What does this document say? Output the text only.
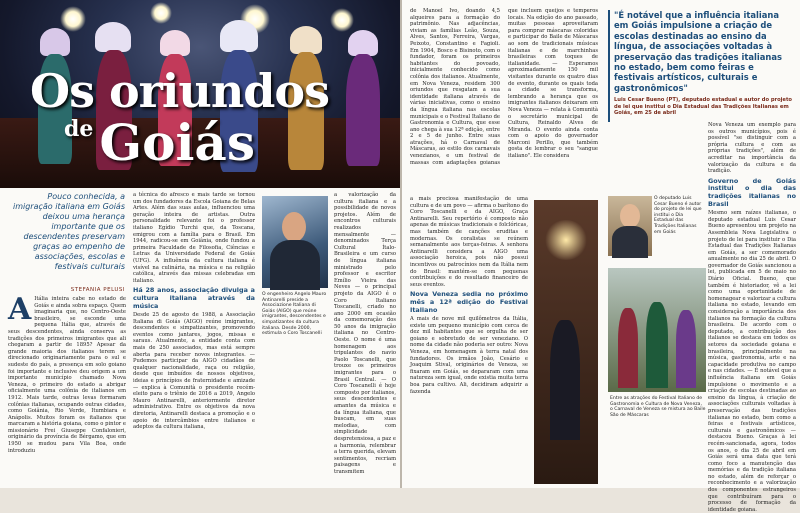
Os oriundos
$^{de}$ Goiás
Pouco conhecida, a imigração italiana em Goiás deixou uma herança importante que os descendentes preservam graças ao empenho de associações, escolas e festivais culturais
STEFANIA PELUSI

A Itália inteira cabe no estado de Goiás e ainda sobra espaço. Quem imaginaria que, no Centro-Oeste brasileiro, se esconde uma pequena Itália que, através de seus descendentes, ainda conserva as tradições dos primeiros imigrantes que ali chegaram a partir de 1895? Apesar da grande maioria dos italianos terem se direcionado originariamente para o sul e sudeste do país, a presença em solo goiano foi importante e inclusive deu origem a um importante município chamado Nova Veneza, o primeiro do estado a abrigar oficialmente uma colônia de italianos em 1912. Mais tarde, outras levas formaram colônias italianas, ocupando outras cidades, como Goiânia, Rio Verde, Itumbiara e Anápolis. Muitos foram os italianos que marcaram a história goiana, como o pintor e missionário Frei Giuseppe Confalonieri, originário da província de Bérgamo, que em 1950 se mudou para Vila Boa, onde introduziu

a técnica do afresco e mais tarde se tornou um dos fundadores da Escola Goiana de Belas Artes. Além das suas aulas, influenciou uma geração inteira de artistas. Outra personalidade relevante foi o professor italiano Egídio Turchi que, da Toscana, emigrou com a família para o Brasil. Em 1944, radicou-se em Goiânia, onde fundou a primeira Faculdade de Filosofia, Ciências e Letras da Universidade Federal de Goiás (UFG). A influência da cultura italiana é visível na culinária, na música e na religião católica, através das missas celebradas em italiano.

Há 28 anos, associação divulga a cultura italiana através da música

Desde 25 de agosto de 1988, a Associação Italiana di Goiás (AIGO) reúne imigrantes, descendentes e simpatizantes, promovendo eventos como jantares, jogos, missas e saraus. Atualmente, a entidade conta com mais de 250 associados, mas está sempre aberta para receber novos integrantes. — Pudemos participar da AIGO cidadãos de qualquer nacionalidade, raça ou religião, desde que imbuídos de nossos objetivos, ideias e princípios de fraternidade e amizade — explica à Comunità o presidente recém-eleito para o triênio de 2016 a 2019, Angelo Mauro Antinarelli, anteriormente diretor administrativo. Entre os objetivos da nova diretoria, Antinarelli destaca a promoção e o apoio de intercâmbios entre italianos e adeptos da cultura italiana,

O engenheiro Angelo Mauro Antinarelli preside a Associazione Italiana di Goiás (AIGO) que reúne imigrantes, descendentes e simpatizantes da cultura italiana. Desde 2000, estimula o Coro Toscanelli

a valorização da cultura italiana e a possibilidade de novos projetos. Além de encontros culturais realizados mensalmente — denominados Terça Cultural Ítalo-Brasileira e um curso de língua italiana ministrado pelo professor e escritor Emílio Vieira das Neves — o principal projeto da AIGO é o Coro Italiano Toscanelli, criado no ano 2000 em ocasião da comemoração dos 50 anos da imigração italiana no Centro-Oeste. O nome é uma homenagem aos tripulantes do navio Paolo Toscanelli, que trouxe os primeiros imigrantes para o Brasil Central. — O Coro Toscanelli é hoje composto por italianos, seus descendentes e amantes da música e da língua italiana, que buscam, em suas melodias, com simplicidade despretensiosa, a paz e a harmonia, relembrar a terra querida, elevam sentimentos, recriam paisagens e transmitem

a mais preciosa manifestação de uma cultura e de um povo — afirma o barítono do Coro Toscanelli e da AIGO, Graça Antinarelli. Seu repertório é composto não apenas de músicas tradicionais e folclóricas, mas também de canções eruditas e modernas. Os coralistas se reúnem semanalmente aos terças-feiras. A senhora Antinarelli considera a AIGO uma associação heroica, pois não possui incentivos ou patrocínios nem da Itália nem do Brasil: mantém-se com pequenas contribuições e do resultado financeiro de seus eventos.

Nova Veneza sedia no próximo mês a 12ª edição do Festival Italiano

A mais de nove mil quilômetros da Itália, existe um pequeno município com cerca de dez mil habitantes que se orgulha de ser goiano e sobretudo de ser veneziano. O nome da cidade não poderia ser outro: Nova Veneza, em homenagem à terra natal dos fundadores. Os irmãos João, Cesário e Joaquim Stival, originários de Veneza, se fixaram em Goiás, se depararam com uma natureza sem igual, onde existia muita terra boa para cultivo. Ali, decidiram adquirir a fazenda

de Manoel Ivo, doando 4,5 alqueires para a formação do patrimônio. Nas adjacências, viviam as famílias Leão, Souza, Alves, Santos, Ferreira, Vargas, Peixoto, Constantino e Fagioli. Em 1904, Bosco e Bisinoto, com o fundador, foram os primeiros habitantes do povoado, inicialmente conhecido como colônia dos italianos. Atualmente, em Nova Veneza, residem 300 oriundos que resgatam a sua identidade italiana através de várias iniciativas, como o ensino da língua italiana nas escolas municipais e o Festival Italiano de Gastronomia e Cultura, que esse ano chega à sua 12ª edição, entre 2 e 5 de junho. Entre suas atrações, há o Carnaval de Máscaras, ao estilo dos carnavais venezianos, e um festival de massas com adaptações goianas que incluem queijos e temperos locais. Na edição do ano passado, muitas pessoas aproveitaram para comprar máscaras coloridas e participar do Baile de Máscaras ao som de tradicionais músicas italianas e de marchinhas brasileiras com toques de italianidade. — Esperamos aproximadamente 150 mil visitantes durante os quatro dias de evento, durante os quais toda a cidade se transforma, lembrando a herança que os imigrantes italianos deixaram em Nova Veneza — relata à Comunità o secretário municipal de Cultura, Reinaldo Alves de Miranda. O evento ainda conta com o apoio do governador Marconi Perillo, que também gosta de lembrar o seu "sangue italiano". Ele considera

"É notável que a influência italiana em Goiás impulsione a criação de escolas destinadas ao ensino da língua, de associações voltadas à preservação das tradições italianas no estado, bem como feiras e festivais artísticos, culturais e gastronômicos"
Luis Cesar Bueno (PT), deputado estadual e autor do projeto de lei que institui o Dia Estadual das Tradições Italianas em Goiás, em 25 de abril
O deputado Luis Cesar Bueno é autor do projeto de lei que institui o Dia Estadual das Tradições Italianas em Goiás
Entre as atrações do Festival Italiano de Gastronomia e Cultura de Nova Veneza, o Carnaval de Veneza se mistura ao Baile São de Máscaras

Nova Veneza um exemplo para os outros municípios, pois é possível "se distinguir com a própria cultura e com as próprias tradições", além de acreditar na importância da valorização da cultura e da tradição.

Governo de Goiás institui o dia das tradições italianas no Brasil

Mesmo sem raízes italianas, o deputado estadual Luis Cesar Bueno apresentou um projeto na Assembleia Nova Legislativa o projeto de lei para instituir o Dia Estadual das Tradições Italianas em Goiás, a ser comemorado anualmente no dia 25 de abril. O governador de Goiás sancionou a lei, publicada em 5 de maio no Diário Oficial. Bueno, que também é historiador, vê a lei como uma oportunidade de homenagear e valorizar a cultura italiana no estado, levando em consideração a importância dos italianos na formação da cultura brasileira. De acordo com o deputado, a contribuição dos italianos se destaca em todos os setores da sociedade goiana e brasileira, principalmente na música, gastronomia, arte e na capacidade produtiva no campo e nas cidades. — É notável que a influência italiana em Goiás impulsione o movimento e a criação de escolas destinadas ao ensino da língua, à criação de associações culturais voltadas à preservação das tradições italianas no estado, bem como a feiras e festivais artísticos, culturais e gastronômicos — destacou Bueno. Graças à lei recém-sancionada, agora, todos os anos, o dia 25 de abril em Goiás será uma data que terá como foco a manutenção das memórias e da tradição italiana no estado, além de reforçar o reconhecimento e a valorização dos componentes estrangeiros que contribuíram para o processo de formação da identidade goiana.
